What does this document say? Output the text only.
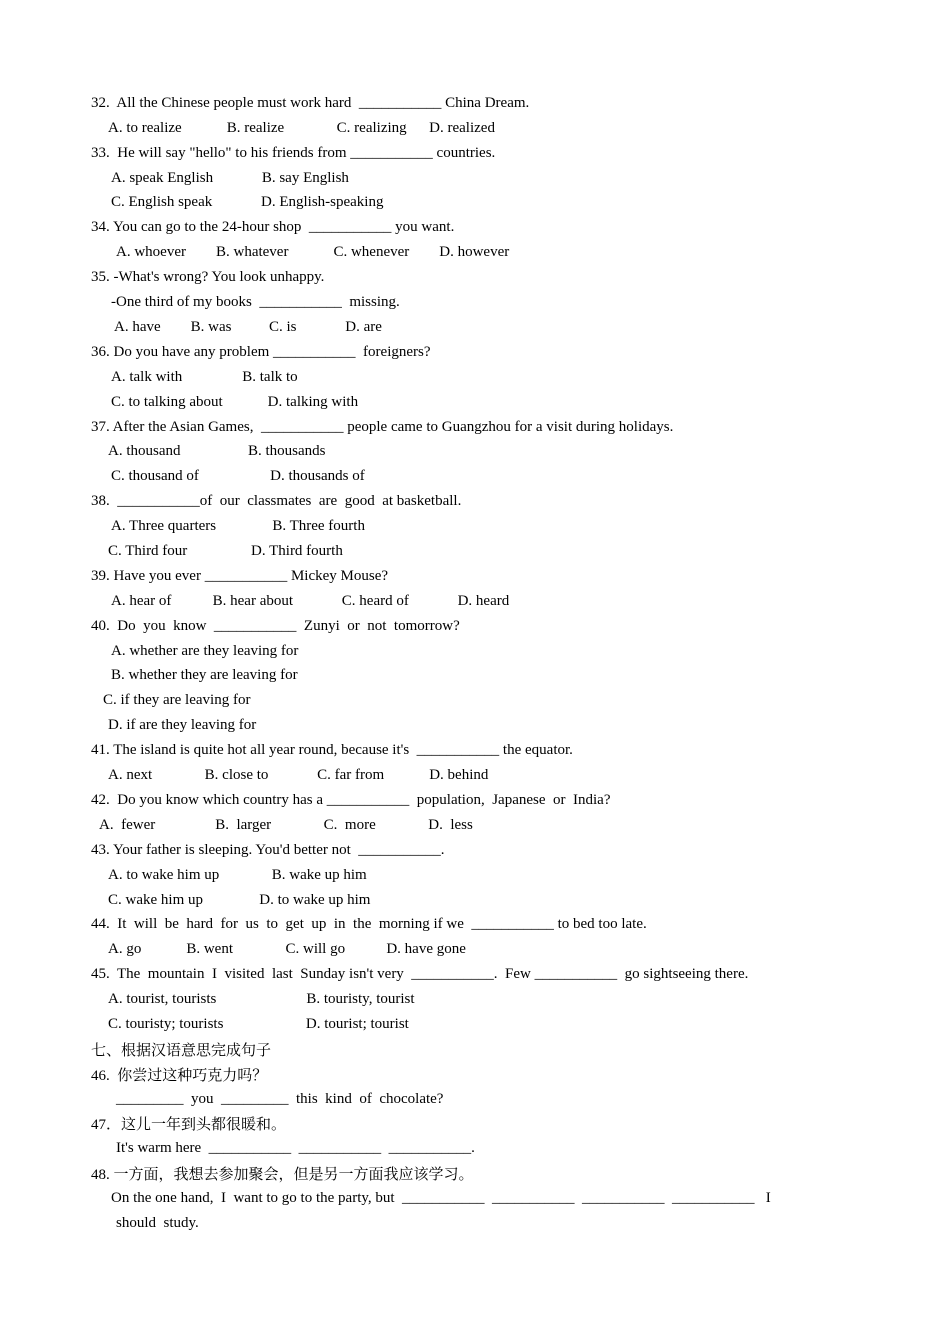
32.  All the Chinese people must work hard  ___________ China Dream.
A. to realize            B. realize              C. realizing      D. realized
33.  He will say "hello" to his friends from ___________ countries.
A. speak English             B. say English
C. English speak             D. English-speaking
34. You can go to the 24-hour shop  ___________ you want.
A. whoever        B. whatever            C. whenever        D. however
35. -What's wrong? You look unhappy.
-One third of my books  ___________  missing.
A. have        B. was          C. is             D. are
36. Do you have any problem ___________  foreigners?
A. talk with                B. talk to
C. to talking about            D. talking with
37. After the Asian Games,  ___________ people came to Guangzhou for a visit during holidays.
A. thousand                  B. thousands
C. thousand of                   D. thousands of
38.  ___________of  our  classmates  are  good  at basketball.
A. Three quarters               B. Three fourth
C. Third four                 D. Third fourth
39. Have you ever ___________ Mickey Mouse?
A. hear of           B. hear about             C. heard of             D. heard
40.  Do  you  know  ___________  Zunyi  or  not  tomorrow?
A. whether are they leaving for
B. whether they are leaving for
C. if they are leaving for
D. if are they leaving for
41. The island is quite hot all year round, because it's  ___________ the equator.
A. next              B. close to             C. far from            D. behind
42.  Do you know which country has a ___________  population,  Japanese  or  India?
A.  fewer                B.  larger              C.  more              D.  less
43. Your father is sleeping. You'd better not  ___________.
A. to wake him up              B. wake up him
C. wake him up               D. to wake up him
44.  It  will  be  hard  for  us  to  get  up  in  the  morning if we  ___________ to bed too late.
A. go            B. went              C. will go           D. have gone
45.  The  mountain  I  visited  last  Sunday isn't very  ___________.  Few ___________  go sightseeing there.
A. tourist, tourists                        B. touristy, tourist
C. touristy; tourists                      D. tourist; tourist
七、根据汉语意思完成句子
46.  你尝过这种巧克力吗？
_________  you  _________  this  kind  of  chocolate?
47．这儿一年到头都很暖和。
It's warm here  ___________  ___________  ___________.
48. 一方面，我想去参加聚会，但是另一方面我应该学习。
On the one hand,  I  want to go to the party, but  ___________  ___________  ___________  ___________   I
should  study.
